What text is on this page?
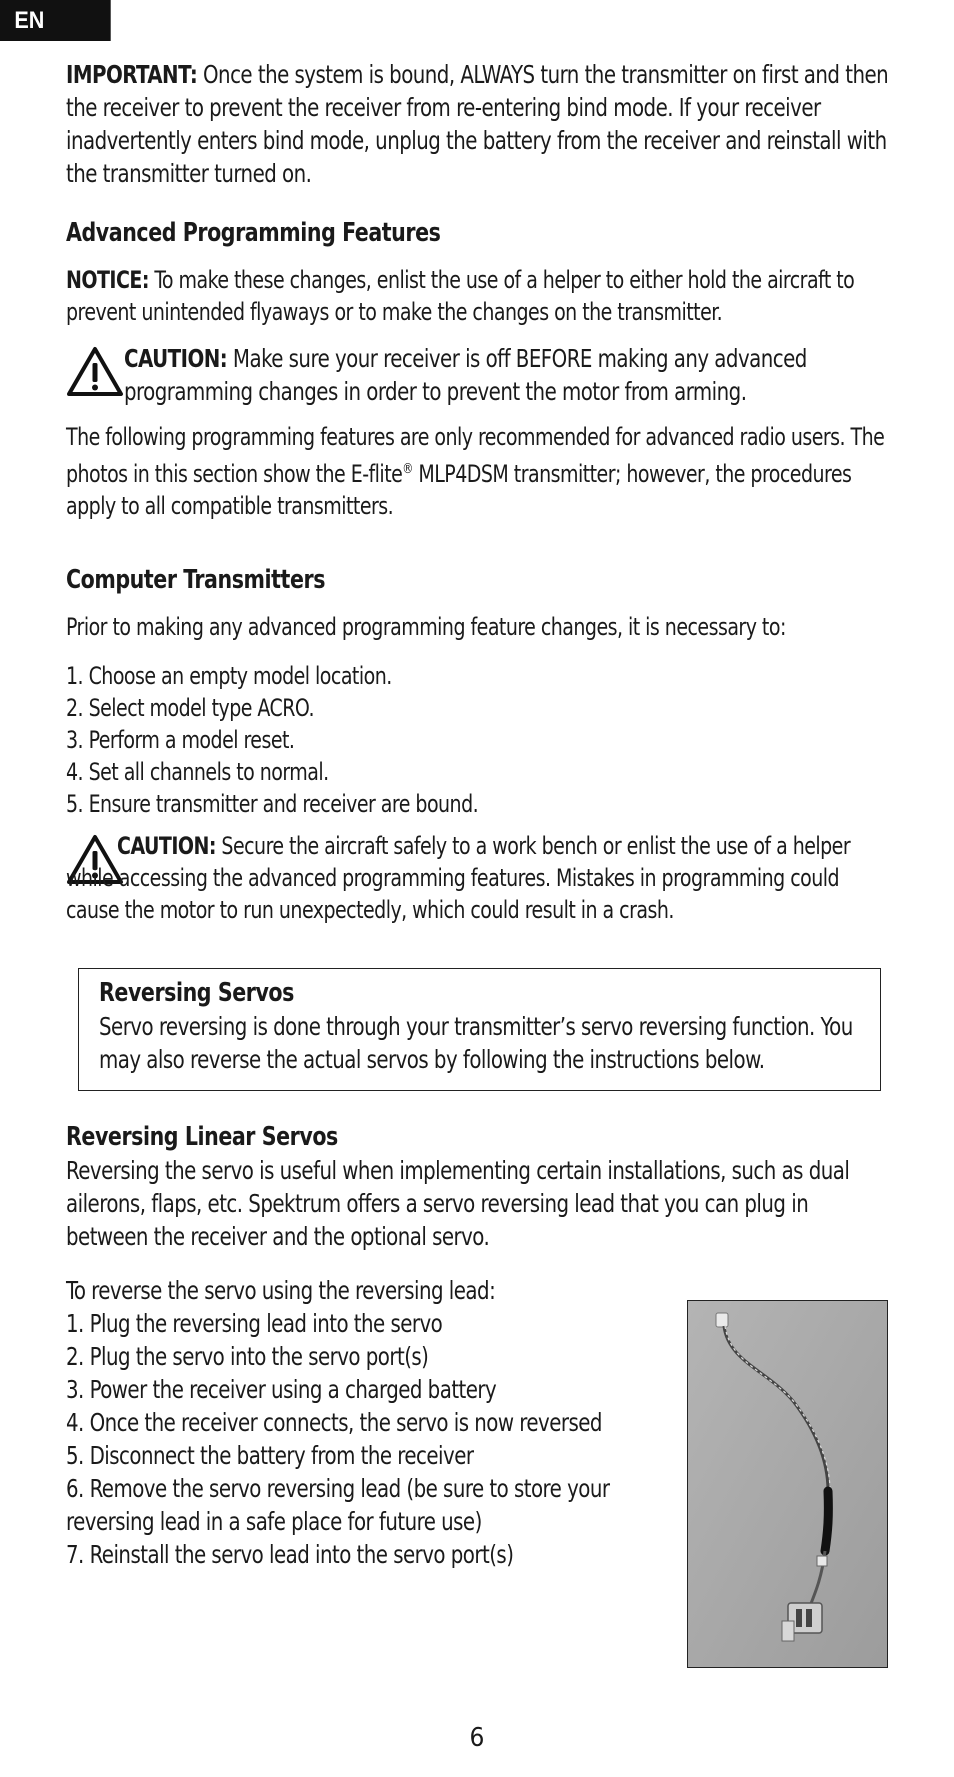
EN
IMPORTANT: Once the system is bound, ALWAYS turn the transmitter on first and then the receiver to prevent the receiver from re-entering bind mode. If your receiver inadvertently enters bind mode, unplug the battery from the receiver and reinstall with the transmitter turned on.
Advanced Programming Features
NOTICE: To make these changes, enlist the use of a helper to either hold the aircraft to prevent unintended flyaways or to make the changes on the transmitter.
CAUTION: Make sure your receiver is off BEFORE making any advanced programming changes in order to prevent the motor from arming.
The following programming features are only recommended for advanced radio users. The photos in this section show the E-flite® MLP4DSM transmitter; however, the procedures apply to all compatible transmitters.
Computer Transmitters
Prior to making any advanced programming feature changes, it is necessary to:
1. Choose an empty model location.
2. Select model type ACRO.
3. Perform a model reset.
4. Set all channels to normal.
5. Ensure transmitter and receiver are bound.
CAUTION: Secure the aircraft safely to a work bench or enlist the use of a helper while accessing the advanced programming features. Mistakes in programming could cause the motor to run unexpectedly, which could result in a crash.
Reversing Servos
Servo reversing is done through your transmitter’s servo reversing function. You may also reverse the actual servos by following the instructions below.
Reversing Linear Servos
Reversing the servo is useful when implementing certain installations, such as dual ailerons, flaps, etc. Spektrum offers a servo reversing lead that you can plug in between the receiver and the optional servo.
To reverse the servo using the reversing lead:
1. Plug the reversing lead into the servo
2. Plug the servo into the servo port(s)
3. Power the receiver using a charged battery
4. Once the receiver connects, the servo is now reversed
5. Disconnect the battery from the receiver
6. Remove the servo reversing lead (be sure to store your reversing lead in a safe place for future use)
7. Reinstall the servo lead into the servo port(s)
6
